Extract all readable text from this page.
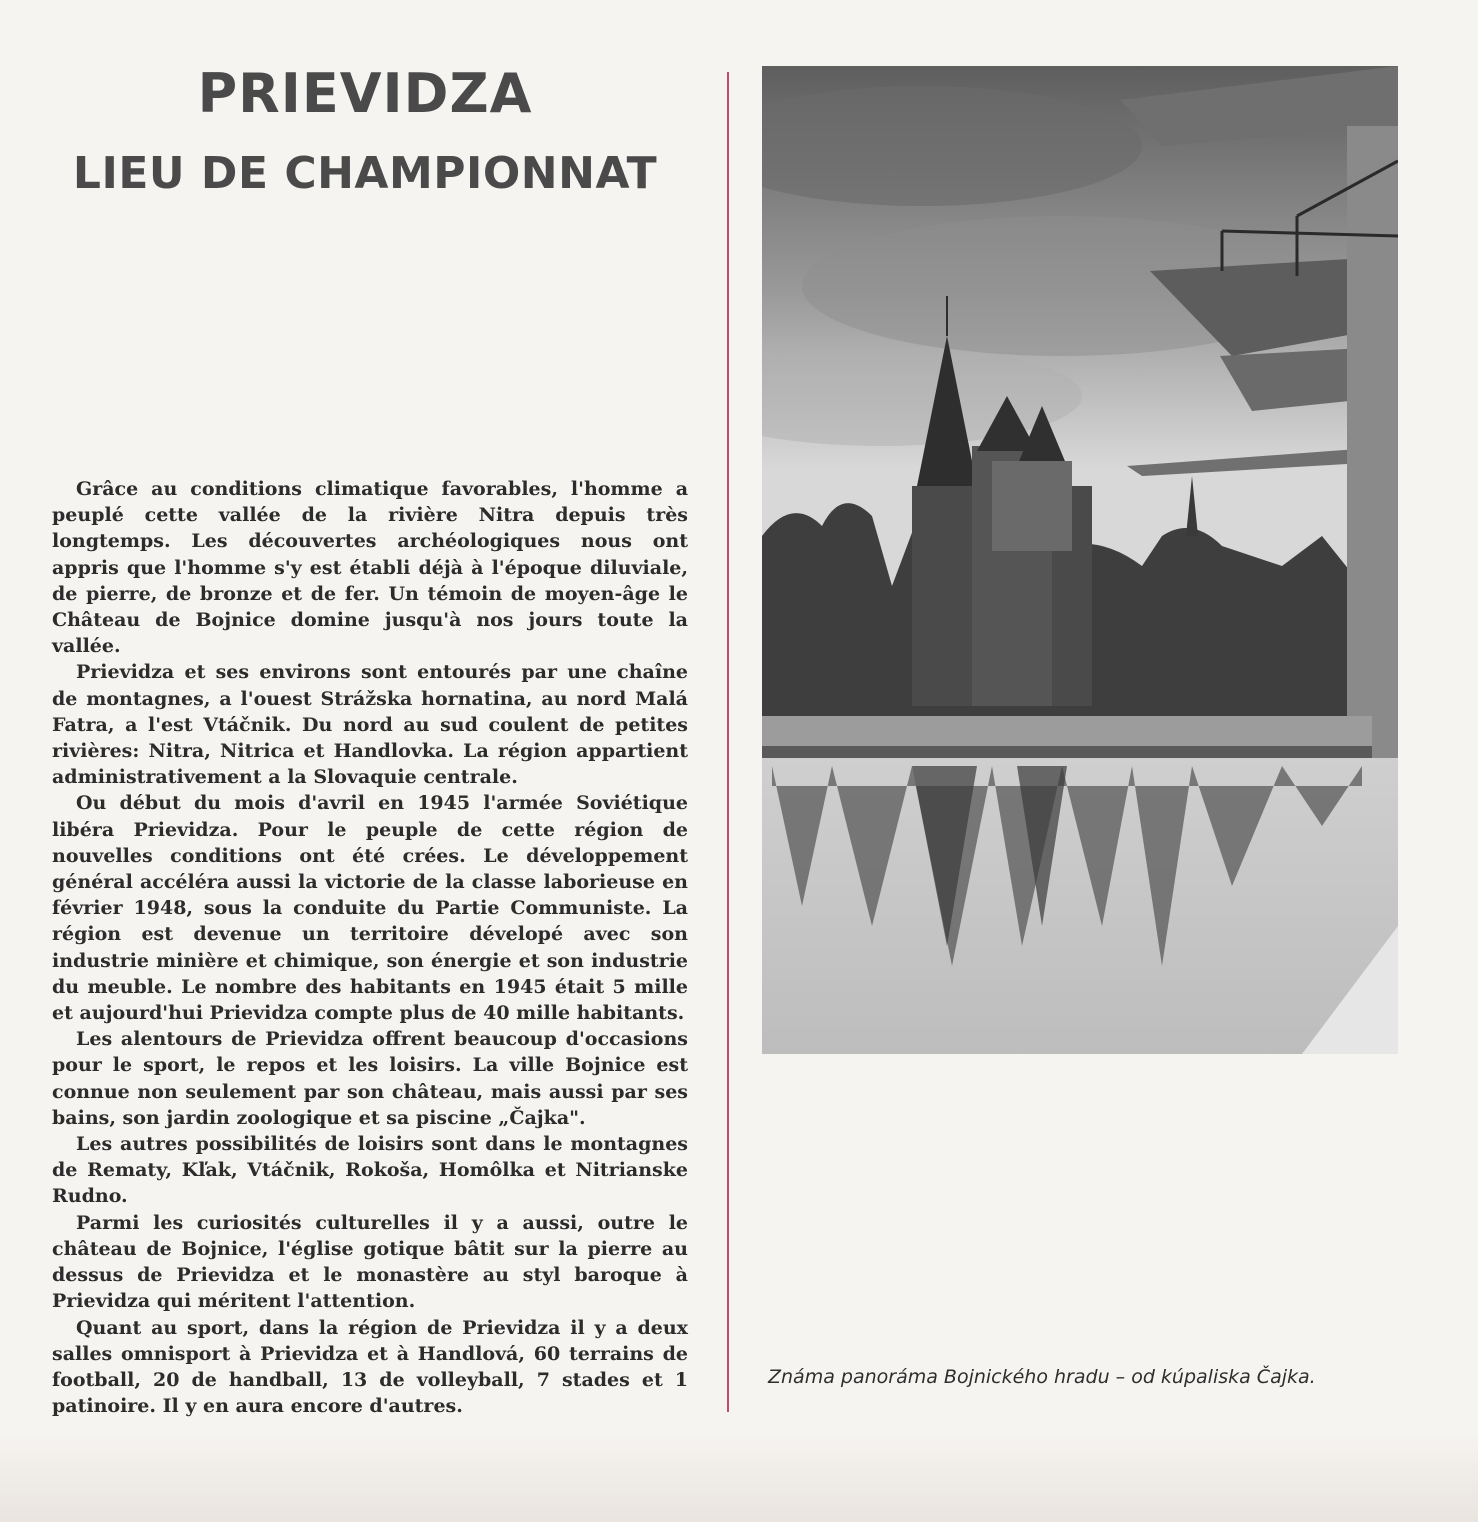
PRIEVIDZA
LIEU DE CHAMPIONNAT

Grâce au conditions climatique favorables, l'homme a peuplé cette vallée de la rivière Nitra depuis très longtemps. Les découvertes archéologiques nous ont appris que l'homme s'y est établi déjà à l'époque diluviale, de pierre, de bronze et de fer. Un témoin de moyen-âge le Château de Bojnice domine jusqu'à nos jours toute la vallée.

Prievidza et ses environs sont entourés par une chaîne de montagnes, a l'ouest Strážska hornatina, au nord Malá Fatra, a l'est Vtáčnik. Du nord au sud coulent de petites rivières: Nitra, Nitrica et Handlovka. La région appartient administrativement a la Slovaquie centrale.

Ou début du mois d'avril en 1945 l'armée Soviétique libéra Prievidza. Pour le peuple de cette région de nouvelles conditions ont été crées. Le développement général accéléra aussi la victorie de la classe laborieuse en février 1948, sous la conduite du Partie Communiste. La région est devenue un territoire dévelopé avec son industrie minière et chimique, son énergie et son industrie du meuble. Le nombre des habitants en 1945 était 5 mille et aujourd'hui Prievidza compte plus de 40 mille habitants.

Les alentours de Prievidza offrent beaucoup d'occasions pour le sport, le repos et les loisirs. La ville Bojnice est connue non seulement par son château, mais aussi par ses bains, son jardin zoologique et sa piscine „Čajka".

Les autres possibilités de loisirs sont dans le montagnes de Rematy, Kľak, Vtáčnik, Rokoša, Homôlka et Nitrianske Rudno.

Parmi les curiosités culturelles il y a aussi, outre le château de Bojnice, l'église gotique bâtit sur la pierre au dessus de Prievidza et le monastère au styl baroque à Prievidza qui méritent l'attention.

Quant au sport, dans la région de Prievidza il y a deux salles omnisport à Prievidza et à Handlová, 60 terrains de football, 20 de handball, 13 de volleyball, 7 stades et 1 patinoire. Il y en aura encore d'autres.

Známa panoráma Bojnického hradu – od kúpaliska Čajka.
